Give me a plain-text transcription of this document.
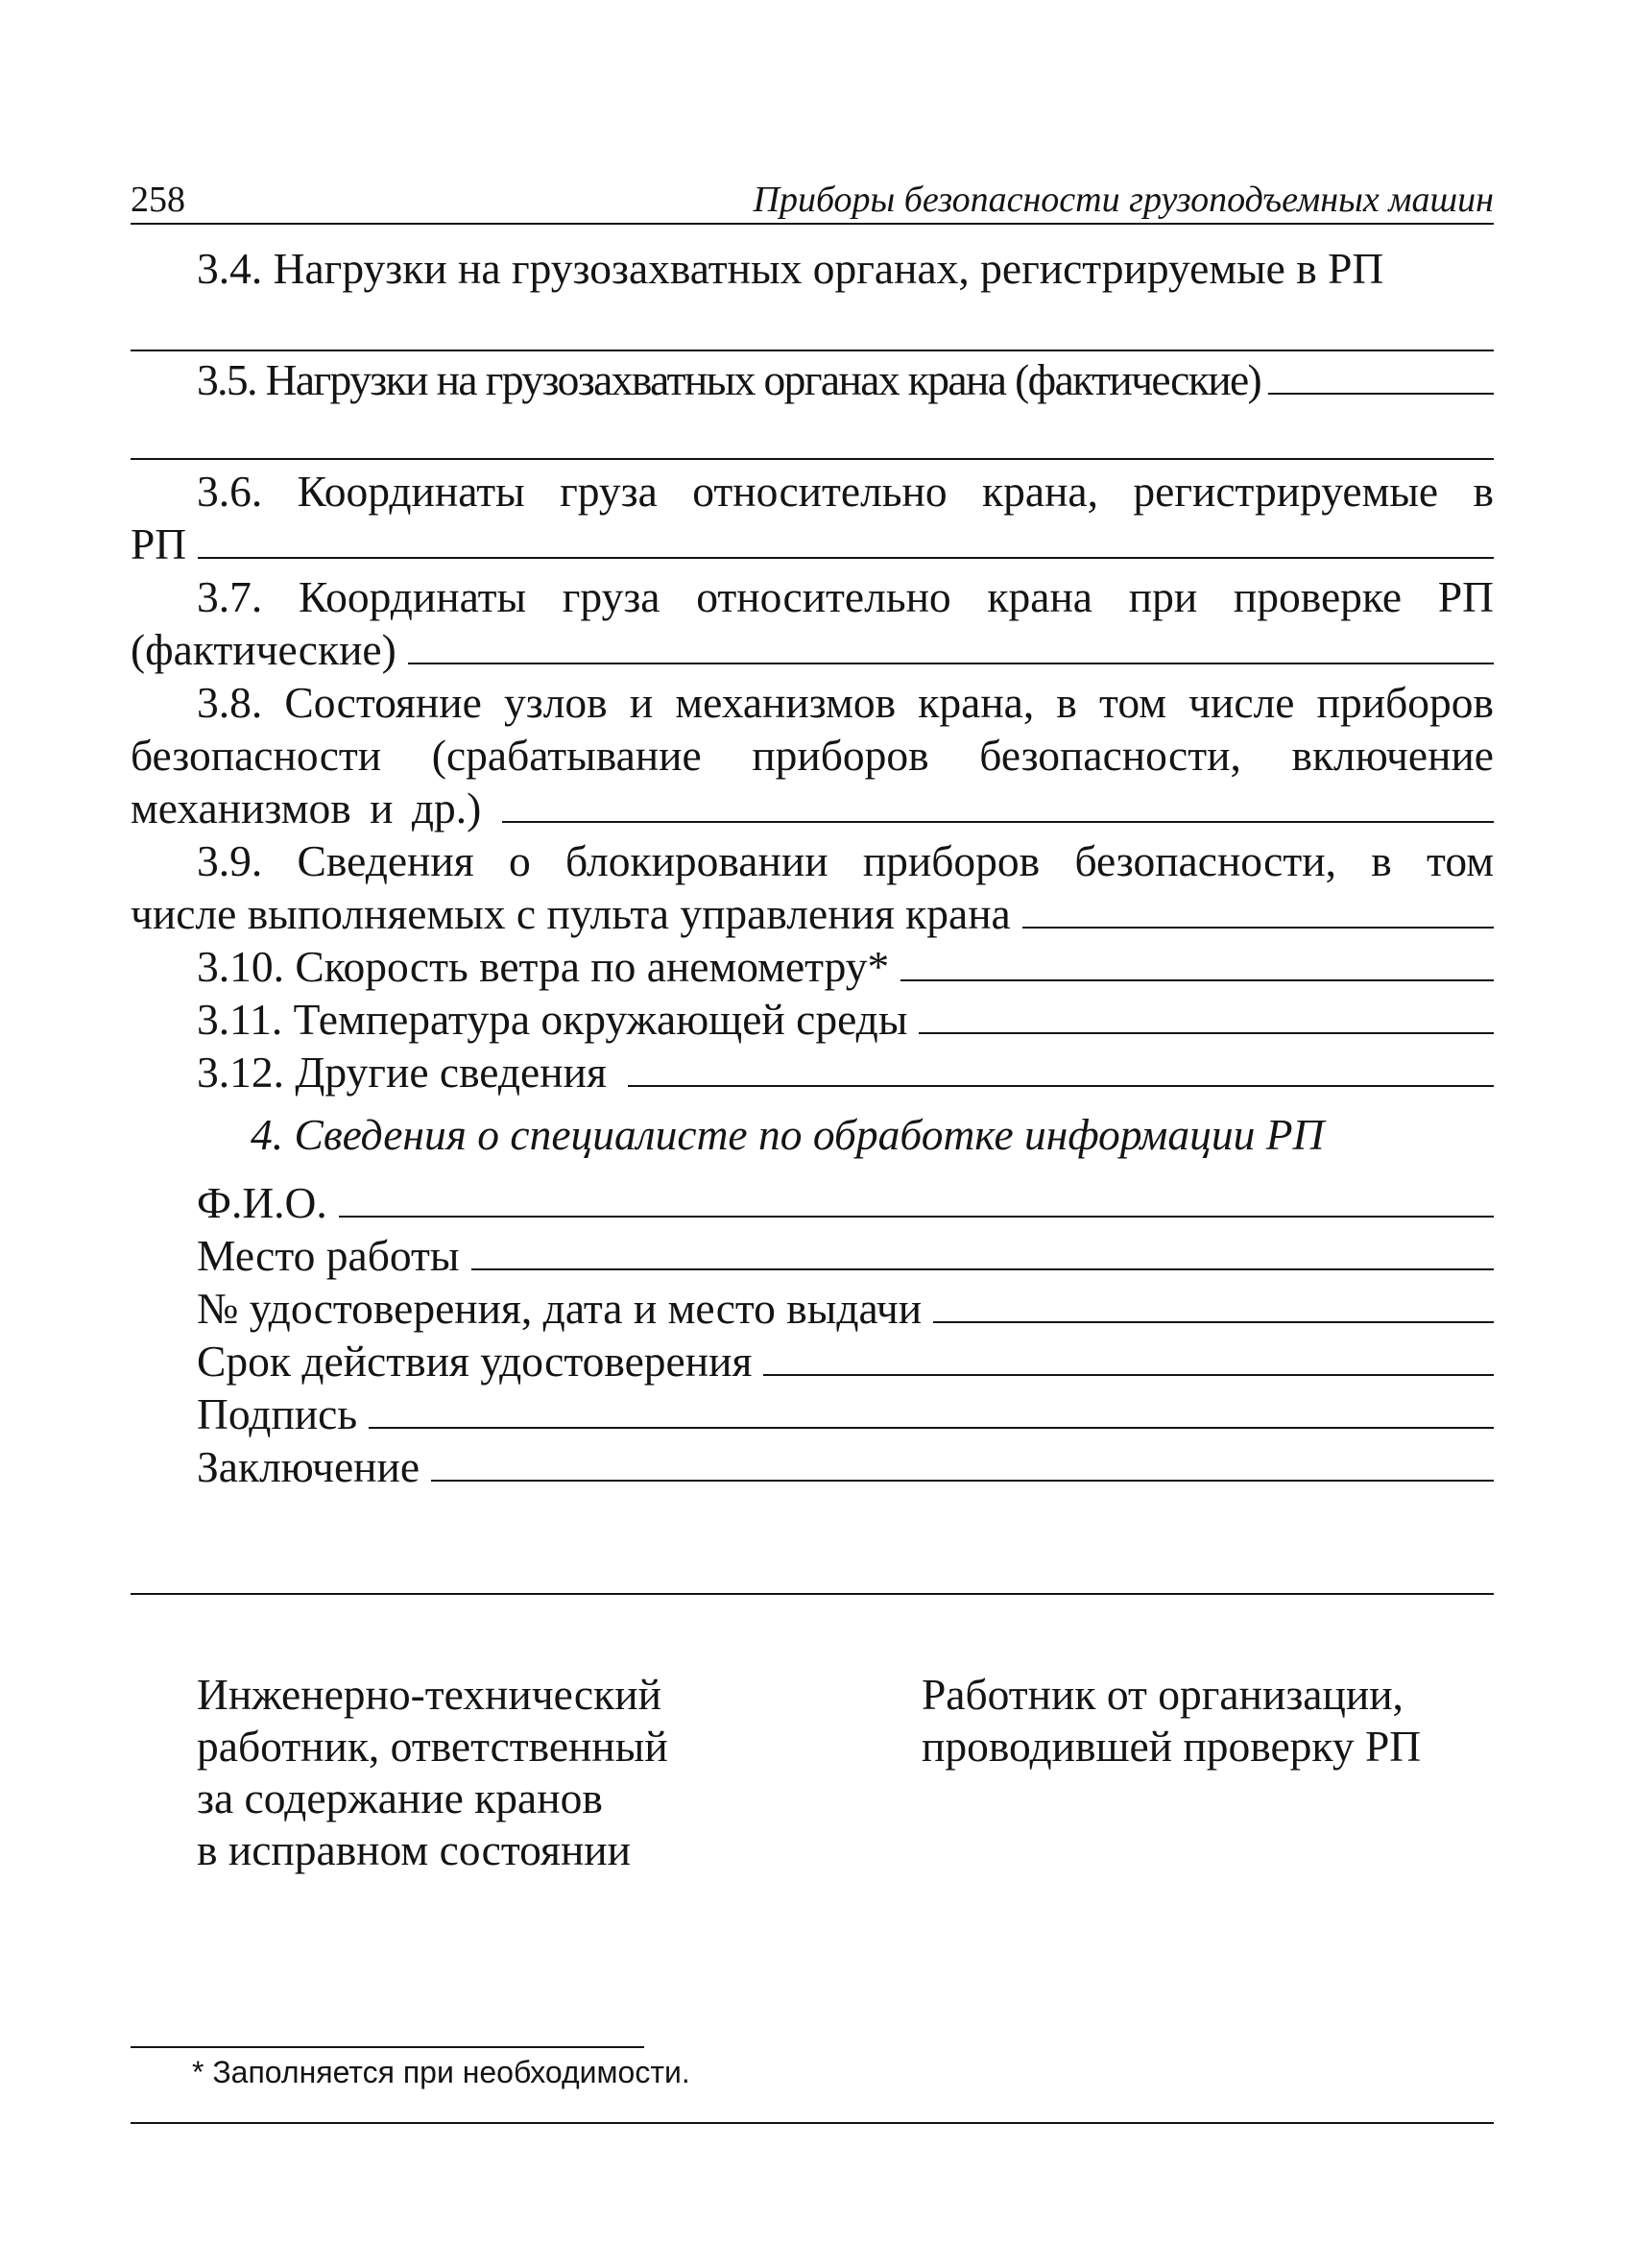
258	Приборы безопасности грузоподъемных машин
3.4. Нагрузки на грузозахватных органах, регистрируемые в РП
3.5. Нагрузки на грузозахватных органах крана (фактические)
3.6. Координаты груза относительно крана, регистрируемые в
РП
3.7. Координаты груза относительно крана при проверке РП
(фактические)
3.8. Состояние узлов и механизмов крана, в том числе приборов
безопасности (срабатывание приборов безопасности, включение
механизмов и др.)
3.9. Сведения о блокировании приборов безопасности, в том
числе выполняемых с пульта управления крана
3.10. Скорость ветра по анемометру*
3.11. Температура окружающей среды
3.12. Другие сведения
4. Сведения о специалисте по обработке информации РП
Ф.И.О.
Место работы
№ удостоверения, дата и место выдачи
Срок действия удостоверения
Подпись
Заключение
Инженерно-технический
работник, ответственный
за содержание кранов
в исправном состоянии
Работник от организации,
проводившей проверку РП
* Заполняется при необходимости.
